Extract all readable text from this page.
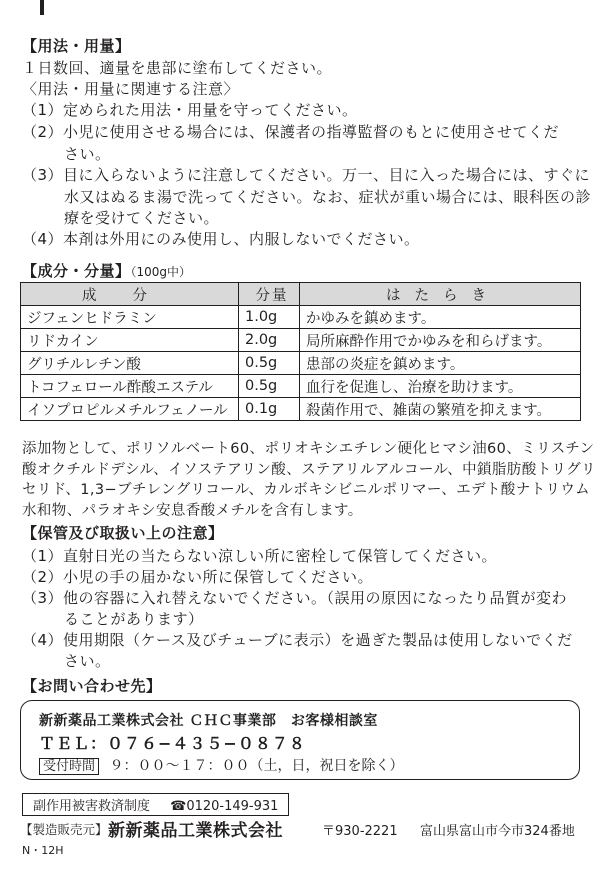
【用法・用量】
１日数回、適量を患部に塗布してください。
〈用法・用量に関連する注意〉
（1）定められた用法・用量を守ってください。
（2）小児に使用させる場合には、保護者の指導監督のもとに使用させてくだ
さい。
（3）目に入らないように注意してください。万一、目に入った場合には、すぐに
水又はぬるま湯で洗ってください。なお、症状が重い場合には、眼科医の診
療を受けてください。
（4）本剤は外用にのみ使用し、内服しないでください。
【成分・分量】（100g中）
成分	分量	はたらき
ジフェンヒドラミン	1.0g	かゆみを鎮めます。
リドカイン	2.0g	局所麻酔作用でかゆみを和らげます。
グリチルレチン酸	0.5g	患部の炎症を鎮めます。
トコフェロール酢酸エステル	0.5g	血行を促進し、治療を助けます。
イソプロピルメチルフェノール	0.1g	殺菌作用で、雑菌の繁殖を抑えます。
添加物として、ポリソルベート60、ポリオキシエチレン硬化ヒマシ油60、ミリスチン
酸オクチルドデシル、イソステアリン酸、ステアリルアルコール、中鎖脂肪酸トリグリ
セリド、1,3−ブチレングリコール、カルボキシビニルポリマー、エデト酸ナトリウム
水和物、パラオキシ安息香酸メチルを含有します。
【保管及び取扱い上の注意】
（1）直射日光の当たらない涼しい所に密栓して保管してください。
（2）小児の手の届かない所に保管してください。
（3）他の容器に入れ替えないでください。（誤用の原因になったり品質が変わ
ることがあります）
（4）使用期限（ケース及びチューブに表示）を過ぎた製品は使用しないでくだ
さい。
【お問い合わせ先】
新新薬品工業株式会社 ＣＨＣ事業部　お客様相談室
ＴＥＬ：０７６−４３５−０８７８
受付時間 ９：００〜１７：００（土，日，祝日を除く）
副作用被害救済制度 ☎0120-149-931
【製造販売元】 新新薬品工業株式会社	〒930-2221 富山県富山市今市324番地
N・12H
